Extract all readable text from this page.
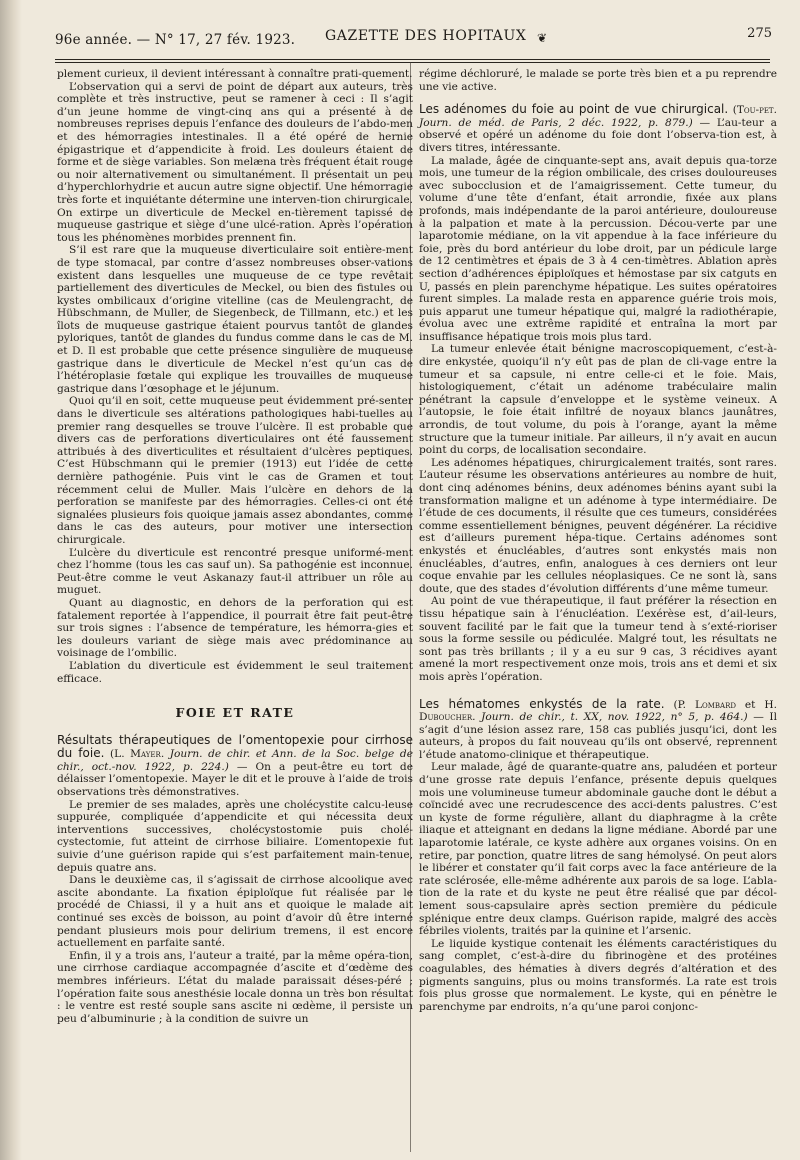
96e année. — N° 17, 27 fév. 1923. GAZETTE DES HOPITAUX ❦	275

plement curieux, il devient intéressant à connaître prati-quement.

L’observation qui a servi de point de départ aux auteurs, très complète et très instructive, peut se ramener à ceci : Il s’agit d’un jeune homme de vingt-cinq ans qui a présenté à de nombreuses reprises depuis l’enfance des douleurs de l’abdo-men et des hémorragies intestinales. Il a été opéré de hernie épigastrique et d’appendicite à froid. Les douleurs étaient de forme et de siège variables. Son melæna très fréquent était rouge ou noir alternativement ou simultanément. Il présentait un peu d’hyperchlorhydrie et aucun autre signe objectif. Une hémorragie très forte et inquiétante détermine une interven-tion chirurgicale. On extirpe un diverticule de Meckel en-tièrement tapissé de muqueuse gastrique et siège d’une ulcé-ration. Après l’opération tous les phénomènes morbides prennent fin.

S’il est rare que la muqueuse diverticulaire soit entière-ment de type stomacal, par contre d’assez nombreuses obser-vations existent dans lesquelles une muqueuse de ce type revêtait partiellement des diverticules de Meckel, ou bien des fistules ou kystes ombilicaux d’origine vitelline (cas de Meulengracht, de Hübschmann, de Muller, de Siegenbeck, de Tillmann, etc.) et les îlots de muqueuse gastrique étaient pourvus tantôt de glandes pyloriques, tantôt de glandes du fundus comme dans le cas de M. et D. Il est probable que cette présence singulière de muqueuse gastrique dans le diverticule de Meckel n’est qu’un cas de l’hétéroplasie fœtale qui explique les trouvailles de muqueuse gastrique dans l’œsophage et le jéjunum.

Quoi qu’il en soit, cette muqueuse peut évidemment pré-senter dans le diverticule ses altérations pathologiques habi-tuelles au premier rang desquelles se trouve l’ulcère. Il est probable que divers cas de perforations diverticulaires ont été faussement attribués à des diverticulites et résultaient d’ulcères peptiques. C’est Hübschmann qui le premier (1913) eut l’idée de cette dernière pathogénie. Puis vint le cas de Gramen et tout récemment celui de Muller. Mais l’ulcère en dehors de la perforation se manifeste par des hémorragies. Celles-ci ont été signalées plusieurs fois quoique jamais assez abondantes, comme dans le cas des auteurs, pour motiver une intersection chirurgicale.

L’ulcère du diverticule est rencontré presque uniformé-ment chez l’homme (tous les cas sauf un). Sa pathogénie est inconnue. Peut-être comme le veut Askanazy faut-il attribuer un rôle au muguet.

Quant au diagnostic, en dehors de la perforation qui est fatalement reportée à l’appendice, il pourrait être fait peut-être sur trois signes : l’absence de température, les hémorra-gies et les douleurs variant de siège mais avec prédominance au voisinage de l’ombilic.

L’ablation du diverticule est évidemment le seul traitement efficace.

FOIE ET RATE

Résultats thérapeutiques de l’omentopexie pour cirrhose du foie. (L. Mayer. Journ. de chir. et Ann. de la Soc. belge de chir., oct.-nov. 1922, p. 224.) — On a peut-être eu tort de délaisser l’omentopexie. Mayer le dit et le prouve à l’aide de trois observations très démonstratives.

Le premier de ses malades, après une cholécystite calcu-leuse suppurée, compliquée d’appendicite et qui nécessita deux interventions successives, cholécystostomie puis cholé-cystectomie, fut atteint de cirrhose biliaire. L’omentopexie fut suivie d’une guérison rapide qui s’est parfaitement main-tenue, depuis quatre ans.

Dans le deuxième cas, il s’agissait de cirrhose alcoolique avec ascite abondante. La fixation épiploïque fut réalisée par le procédé de Chiassi, il y a huit ans et quoique le malade ait continué ses excès de boisson, au point d’avoir dû être interné pendant plusieurs mois pour delirium tremens, il est encore actuellement en parfaite santé.

Enfin, il y a trois ans, l’auteur a traité, par la même opéra-tion, une cirrhose cardiaque accompagnée d’ascite et d’œdème des membres inférieurs. L’état du malade paraissait déses-péré ; l’opération faite sous anesthésie locale donna un très bon résultat : le ventre est resté souple sans ascite ni œdème, il persiste un peu d’albuminurie ; à la condition de suivre un

régime déchloruré, le malade se porte très bien et a pu reprendre une vie active.

Les adénomes du foie au point de vue chirurgical. (Tou-pet. Journ. de méd. de Paris, 2 déc. 1922, p. 879.) — L’au-teur a observé et opéré un adénome du foie dont l’observa-tion est, à divers titres, intéressante.

La malade, âgée de cinquante-sept ans, avait depuis qua-torze mois, une tumeur de la région ombilicale, des crises douloureuses avec subocclusion et de l’amaigrissement. Cette tumeur, du volume d’une tête d’enfant, était arrondie, fixée aux plans profonds, mais indépendante de la paroi antérieure, douloureuse à la palpation et mate à la percussion. Décou-verte par une laparotomie médiane, on la vit appendue à la face inférieure du foie, près du bord antérieur du lobe droit, par un pédicule large de 12 centimètres et épais de 3 à 4 cen-timètres. Ablation après section d’adhérences épiploïques et hémostase par six catguts en U, passés en plein parenchyme hépatique. Les suites opératoires furent simples. La malade resta en apparence guérie trois mois, puis apparut une tumeur hépatique qui, malgré la radiothérapie, évolua avec une extrême rapidité et entraîna la mort par insuffisance hépatique trois mois plus tard.

La tumeur enlevée était bénigne macroscopiquement, c’est-à-dire enkystée, quoiqu’il n’y eût pas de plan de cli-vage entre la tumeur et sa capsule, ni entre celle-ci et le foie. Mais, histologiquement, c’était un adénome trabéculaire malin pénétrant la capsule d’enveloppe et le système veineux. A l’autopsie, le foie était infiltré de noyaux blancs jaunâtres, arrondis, de tout volume, du pois à l’orange, ayant la même structure que la tumeur initiale. Par ailleurs, il n’y avait en aucun point du corps, de localisation secondaire.

Les adénomes hépatiques, chirurgicalement traités, sont rares. L’auteur résume les observations antérieures au nombre de huit, dont cinq adénomes bénins, deux adénomes bénins ayant subi la transformation maligne et un adénome à type intermédiaire. De l’étude de ces documents, il résulte que ces tumeurs, considérées comme essentiellement bénignes, peuvent dégénérer. La récidive est d’ailleurs purement hépa-tique. Certains adénomes sont enkystés et énucléables, d’autres sont enkystés mais non énucléables, d’autres, enfin, analogues à ces derniers ont leur coque envahie par les cellules néoplasiques. Ce ne sont là, sans doute, que des stades d’évolution différents d’une même tumeur.

Au point de vue thérapeutique, il faut préférer la résection en tissu hépatique sain à l’énucléation. L’exérèse est, d’ail-leurs, souvent facilité par le fait que la tumeur tend à s’exté-rioriser sous la forme sessile ou pédiculée. Malgré tout, les résultats ne sont pas très brillants ; il y a eu sur 9 cas, 3 récidives ayant amené la mort respectivement onze mois, trois ans et demi et six mois après l’opération.

Les hématomes enkystés de la rate. (P. Lombard et H. Duboucher. Journ. de chir., t. XX, nov. 1922, n° 5, p. 464.) — Il s’agit d’une lésion assez rare, 158 cas publiés jusqu’ici, dont les auteurs, à propos du fait nouveau qu’ils ont observé, reprennent l’étude anatomo-clinique et thérapeutique.

Leur malade, âgé de quarante-quatre ans, paludéen et porteur d’une grosse rate depuis l’enfance, présente depuis quelques mois une volumineuse tumeur abdominale gauche dont le début a coïncidé avec une recrudescence des acci-dents palustres. C’est un kyste de forme régulière, allant du diaphragme à la crête iliaque et atteignant en dedans la ligne médiane. Abordé par une laparotomie latérale, ce kyste adhère aux organes voisins. On en retire, par ponction, quatre litres de sang hémolysé. On peut alors le libérer et constater qu’il fait corps avec la face antérieure de la rate sclérosée, elle-même adhérente aux parois de sa loge. L’abla-tion de la rate et du kyste ne peut être réalisé que par décol-lement sous-capsulaire après section première du pédicule splénique entre deux clamps. Guérison rapide, malgré des accès fébriles violents, traités par la quinine et l’arsenic.

Le liquide kystique contenait les éléments caractéristiques du sang complet, c’est-à-dire du fibrinogène et des protéines coagulables, des hématies à divers degrés d’altération et des pigments sanguins, plus ou moins transformés. La rate est trois fois plus grosse que normalement. Le kyste, qui en pénètre le parenchyme par endroits, n’a qu’une paroi conjonc-
